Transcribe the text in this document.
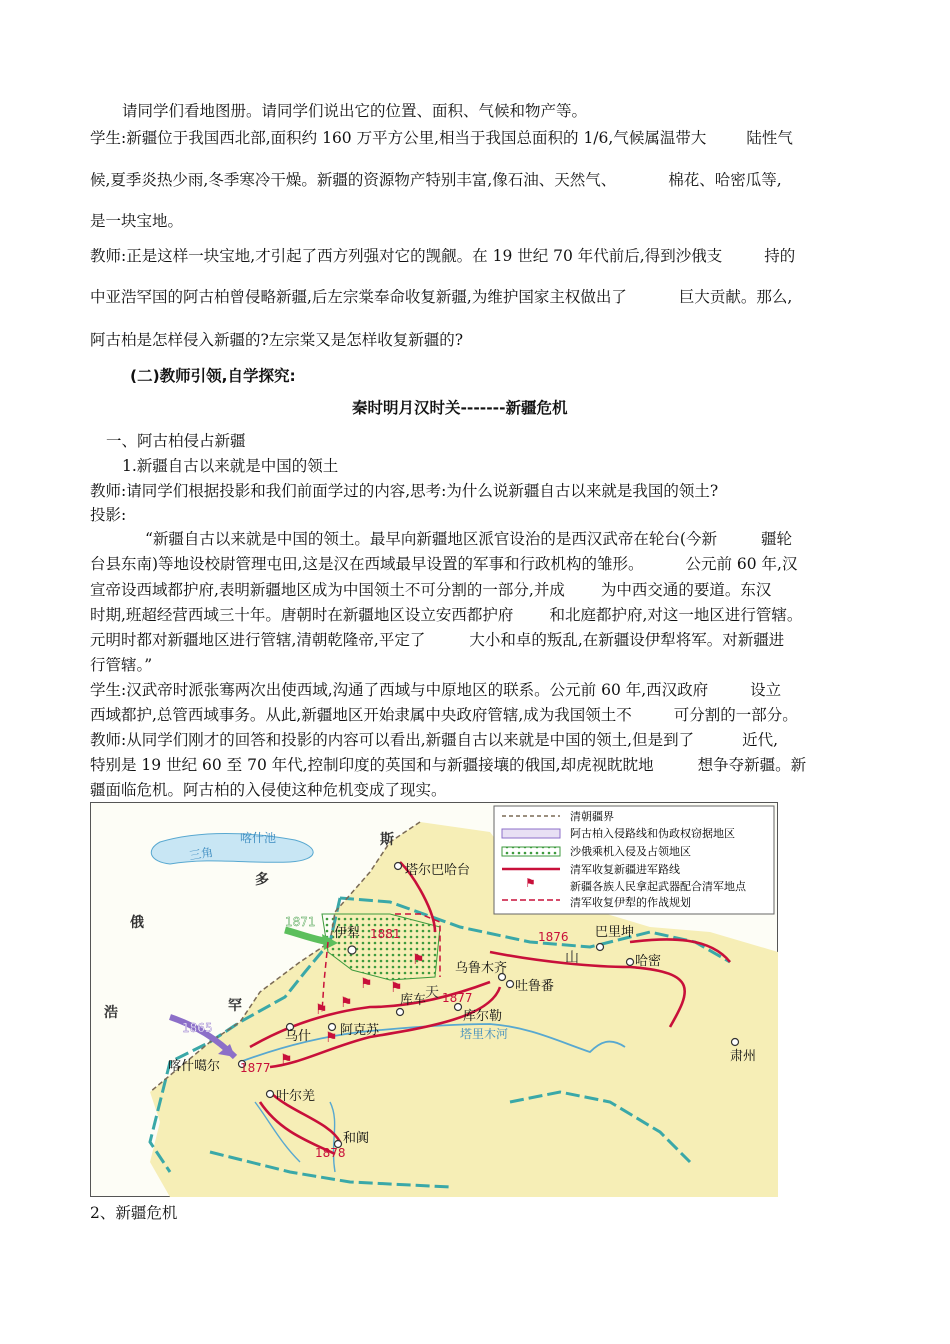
请同学们看地图册。请同学们说出它的位置、面积、气候和物产等。
学生:新疆位于我国西北部,面积约 160 万平方公里,相当于我国总面积的 1/6,气候属温带大	陆性气
候,夏季炎热少雨,冬季寒冷干燥。新疆的资源物产特别丰富,像石油、天然气、	棉花、哈密瓜等,
是一块宝地。
教师:正是这样一块宝地,才引起了西方列强对它的觊觎。在 19 世纪 70 年代前后,得到沙俄支	持的
中亚浩罕国的阿古柏曾侵略新疆,后左宗棠奉命收复新疆,为维护国家主权做出了	巨大贡献。那么,
阿古柏是怎样侵入新疆的?左宗棠又是怎样收复新疆的?
(二)教师引领,自学探究:
秦时明月汉时关-------新疆危机
一、阿古柏侵占新疆
1.新疆自古以来就是中国的领土
教师:请同学们根据投影和我们前面学过的内容,思考:为什么说新疆自古以来就是我国的领土?
投影:
“新疆自古以来就是中国的领土。最早向新疆地区派官设治的是西汉武帝在轮台(今新	疆轮
台县东南)等地设校尉管理屯田,这是汉在西域最早设置的军事和行政机构的雏形。	公元前 60 年,汉
宣帝设西域都护府,表明新疆地区成为中国领土不可分割的一部分,并成 为中西交通的要道。东汉
时期,班超经营西域三十年。唐朝时在新疆地区设立安西都护府 和北庭都护府,对这一地区进行管辖。
元明时都对新疆地区进行管辖,清朝乾隆帝,平定了	大小和卓的叛乱,在新疆设伊犁将军。对新疆进
行管辖。”
学生:汉武帝时派张骞两次出使西域,沟通了西域与中原地区的联系。公元前 60 年,西汉政府	设立
西域都护,总管西域事务。从此,新疆地区开始隶属中央政府管辖,成为我国领土不	可分割的一部分。
教师:从同学们刚才的回答和投影的内容可以看出,新疆自古以来就是中国的领土,但是到了	近代,
特别是 19 世纪 60 至 70 年代,控制印度的英国和与新疆接壤的俄国,却虎视眈眈地	想争夺新疆。新
疆面临危机。阿古柏的入侵使这种危机变成了现实。
⚑
清朝疆界
阿古柏入侵路线和伪政权窃据地区
沙俄乘机入侵及占领地区
清军收复新疆进军路线
新疆各族人民拿起武器配合清军地点
清军收复伊犁的作战规划
斯
俄
浩	罕
多
三角
喀什池
天
山
塔里木河
塔尔巴哈台
伊犁
乌鲁木齐
巴里坤
哈密
吐鲁番
库车
库尔勒
阿克苏
乌什
喀什噶尔
叶尔羌
和阗
肃州
1871
1881	1876
1877
1877
1865
1878
⚑
⚑ ⚑
⚑
⚑
⚑
⚑
2、新疆危机
